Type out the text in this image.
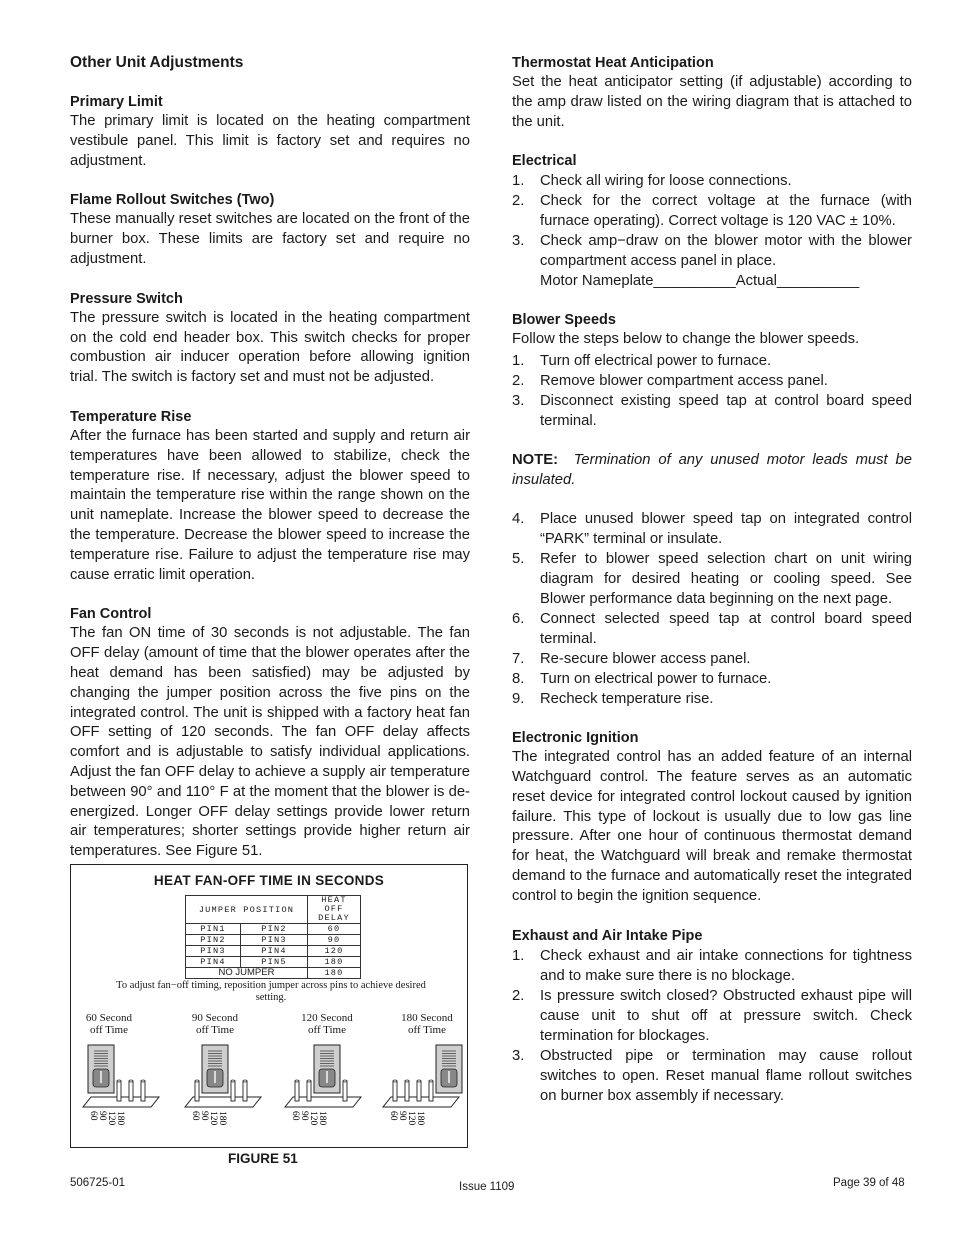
Other Unit Adjustments
Primary Limit

The primary limit is located on the heating compartment vestibule panel. This limit is factory set and requires no adjustment.

Flame Rollout Switches (Two)

These manually reset switches are located on the front of the burner box. These limits are factory set and require no adjustment.

Pressure Switch

The pressure switch is located in the heating compartment on the cold end header box. This switch checks for proper combustion air inducer operation before allowing ignition trial. The switch is factory set and must not be adjusted.

Temperature Rise

After the furnace has been started and supply and return air temperatures have been allowed to stabilize, check the temperature rise. If necessary, adjust the blower speed to maintain the temperature rise within the range shown on the unit nameplate. Increase the blower speed to decrease the the temperature. Decrease the blower speed to increase the temperature rise. Failure to adjust the temperature rise may cause erratic limit operation.

Fan Control

The fan ON time of 30 seconds is not adjustable. The fan OFF delay (amount of time that the blower operates after the heat demand has been satisfied) may be adjusted by changing the jumper position across the five pins on the integrated control. The unit is shipped with a factory heat fan OFF setting of 120 seconds. The fan OFF delay affects comfort and is adjustable to satisfy individual applications. Adjust the fan OFF delay to achieve a supply air temperature between 90° and 110° F at the moment that the blower is de-energized. Longer OFF delay settings provide lower return air temperatures; shorter settings provide higher return air temperatures. See Figure 51.

HEAT FAN-OFF TIME IN SECONDS
JUMPER POSITION		HEAT OFF
DELAY

PIN1	PIN2	60
PIN2	PIN3	90
PIN3	PIN4	120
PIN4	PIN5	180
NO JUMPER		180
To adjust fan−off timing, reposition jumper across pins to achieve desired setting.
60 Second
off Time
90 Second
off Time
120 Second
off Time
180 Second
off Time
60 90 120 180	60 90 120 180	60 90 120 180	60 90 120 180
FIGURE 51
Thermostat Heat Anticipation

Set the heat anticipator setting (if adjustable) according to the amp draw listed on the wiring diagram that is attached to the unit.

Electrical
1. Check all wiring for loose connections.
2. Check for the correct voltage at the furnace (with furnace operating). Correct voltage is 120 VAC ± 10%.
3. Check amp−draw on the blower motor with the blower compartment access panel in place.
Motor Nameplate__________Actual__________
Blower Speeds

Follow the steps below to change the blower speeds.

1. Turn off electrical power to furnace.
2. Remove blower compartment access panel.
3. Disconnect existing speed tap at control board speed terminal.
NOTE: Termination of any unused motor leads must be insulated.
4. Place unused blower speed tap on integrated control “PARK” terminal or insulate.
5. Refer to blower speed selection chart on unit wiring diagram for desired heating or cooling speed. See Blower performance data beginning on the next page.
6. Connect selected speed tap at control board speed terminal.
7. Re-secure blower access panel.
8. Turn on electrical power to furnace.
9. Recheck temperature rise.
Electronic Ignition

The integrated control has an added feature of an internal Watchguard control. The feature serves as an automatic reset device for integrated control lockout caused by ignition failure. This type of lockout is usually due to low gas line pressure. After one hour of continuous thermostat demand for heat, the Watchguard will break and remake thermostat demand to the furnace and automatically reset the integrated control to begin the ignition sequence.

Exhaust and Air Intake Pipe
1. Check exhaust and air intake connections for tightness and to make sure there is no blockage.
2. Is pressure switch closed? Obstructed exhaust pipe will cause unit to shut off at pressure switch. Check termination for blockages.
3. Obstructed pipe or termination may cause rollout switches to open. Reset manual flame rollout switches on burner box assembly if necessary.
506725-01	Issue 1109	Page 39 of 48
